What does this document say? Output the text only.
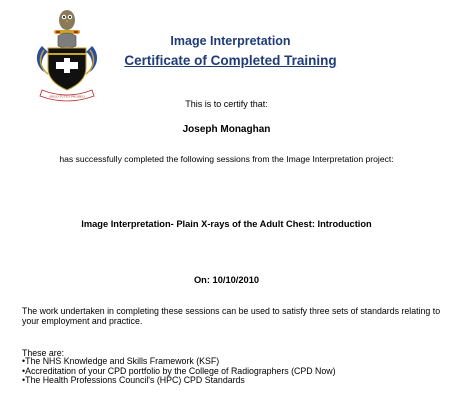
ERGO TUTUS PRODEO
Image Interpretation
Certificate of Completed Training
This is to certify that:
Joseph Monaghan
has successfully completed the following sessions from the Image Interpretation project:
Image Interpretation- Plain X-rays of the Adult Chest: Introduction
On: 10/10/2010
The work undertaken in completing these sessions can be used to satisfy three sets of standards relating to your employment and practice.
These are:
• The NHS Knowledge and Skills Framework (KSF)
• Accreditation of your CPD portfolio by the College of Radiographers (CPD Now)
• The Health Professions Council's (HPC) CPD Standards
